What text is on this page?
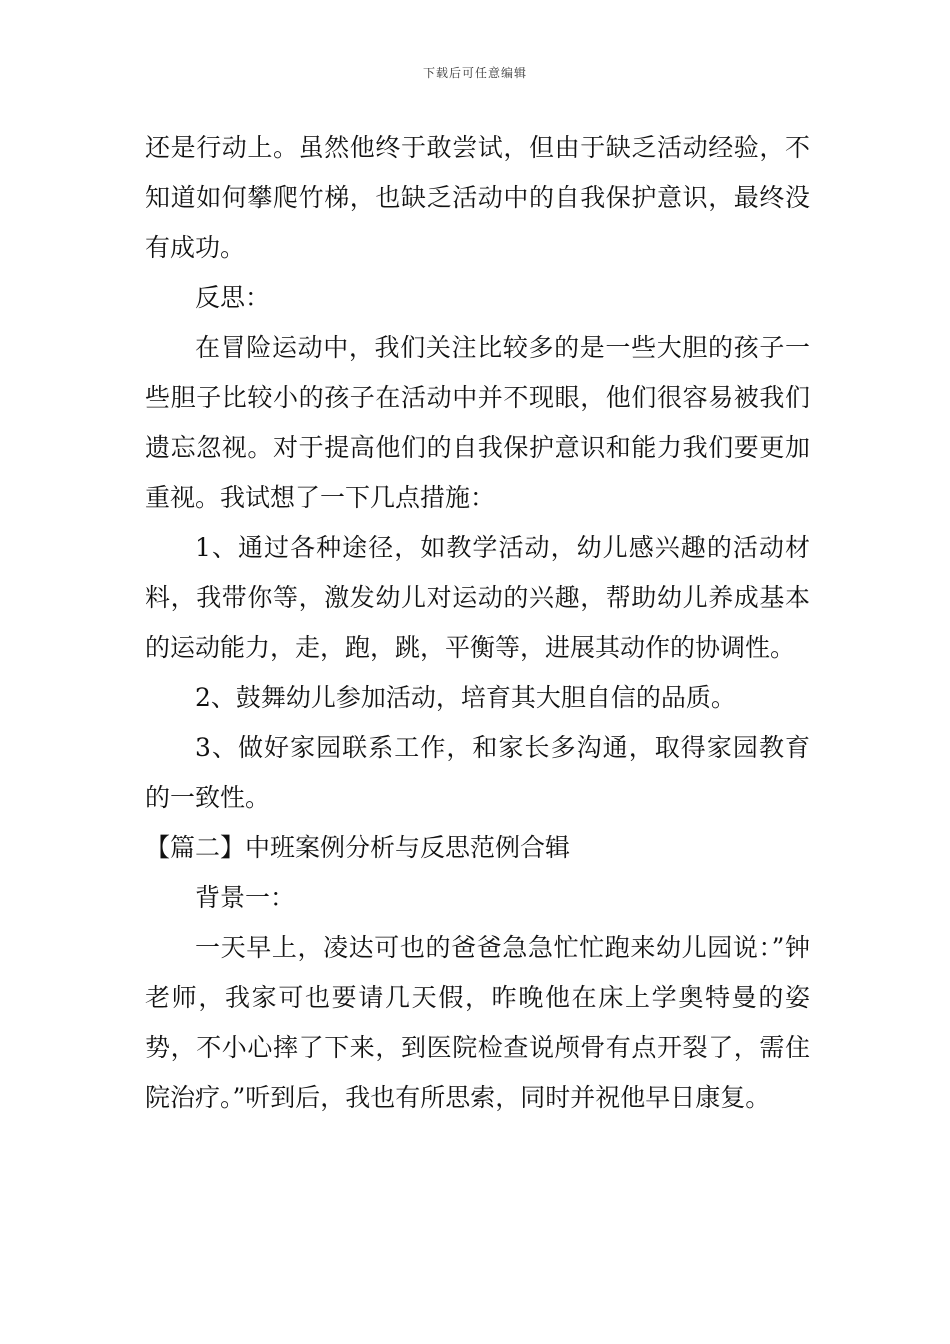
下载后可任意编辑

还是行动上。虽然他终于敢尝试，但由于缺乏活动经验，不知道如何攀爬竹梯，也缺乏活动中的自我保护意识，最终没有成功。

反思：

在冒险运动中，我们关注比较多的是一些大胆的孩子一些胆子比较小的孩子在活动中并不现眼，他们很容易被我们遗忘忽视。对于提高他们的自我保护意识和能力我们要更加重视。我试想了一下几点措施：

1、通过各种途径，如教学活动，幼儿感兴趣的活动材料，我带你等，激发幼儿对运动的兴趣，帮助幼儿养成基本的运动能力，走，跑，跳，平衡等，进展其动作的协调性。

2、鼓舞幼儿参加活动，培育其大胆自信的品质。

3、做好家园联系工作，和家长多沟通，取得家园教育的一致性。

【篇二】中班案例分析与反思范例合辑

背景一：

一天早上，凌达可也的爸爸急急忙忙跑来幼儿园说：”钟老师，我家可也要请几天假，昨晚他在床上学奥特曼的姿势，不小心摔了下来，到医院检查说颅骨有点开裂了，需住院治疗。”听到后，我也有所思索，同时并祝他早日康复。
